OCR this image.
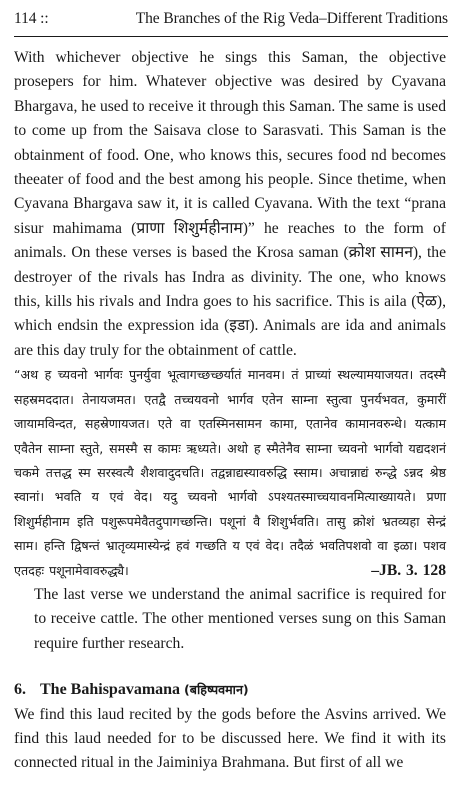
114 ::	The Branches of the Rig Veda–Different Traditions

With whichever objective he sings this Saman, the objective prosepers for him. Whatever objective was desired by Cyavana Bhargava, he used to receive it through this Saman. The same is used to come up from the Saisava close to Sarasvati. This Saman is the obtainment of food. One, who knows this, secures food nd becomes theeater of food and the best among his people. Since thetime, when Cyavana Bhargava saw it, it is called Cyavana. With the text “prana sisur mahimama (प्राणा शिशुर्महीनाम)” he reaches to the form of animals. On these verses is based the Krosa saman (क्रोश सामन), the destroyer of the rivals has Indra as divinity. The one, who knows this, kills his rivals and Indra goes to his sacrifice. This is aila (ऐळ), which endsin the expression ida (इडा). Animals are ida and animals are this day truly for the obtainment of cattle.

“अथ ह च्यवनो भार्गवः पुनर्युवा भूत्वागच्छच्छर्यातं मानवम। तं प्राच्यां स्थल्यामयाजयत। तदस्मै सहस्रमददात। तेनायजमत। एतद्वै तच्चयवनो भार्गव एतेन साम्ना स्तुत्वा पुनर्यभवत, कुमारीं जायामविन्दत, सहस्रेणायजत। एते वा एतस्मिनसामन कामा, एतानेव कामानवरुन्धे। यत्काम एवैतेन साम्ना स्तुते, समस्मै स कामः ऋध्यते। अथो ह स्मैतेनैव साम्ना च्यवनो भार्गवो यद्यदशनं चकमे तत्तद्ध स्म सरस्वत्यै शैशवादुदचति। तद्वन्नाद्यस्यावरुद्धि स्साम। अचान्नाद्यं रुन्द्धे ऽन्नद श्रेष्ठ स्वानां। भवति य एवं वेद। यदु च्यवनो भार्गवो ऽपश्यतस्माच्चयावनमित्याख्यायते। प्रणा शिशुर्महीनाम इति पशुरूपमेवैतदुपागच्छन्ति। पशूनां वै शिशुर्भवति। तासु क्रोशं भ्रतव्यहा सेन्द्रं साम। हन्ति द्विषन्तं भ्रातृव्यमास्येन्द्रं हवं गच्छति य एवं वेद। तदैळं भवतिपशवो वा इळा। पशव एतदहः पशूनामेवावरुद्ध्यै।	–JB. 3. 128

The last verse we understand the animal sacrifice is required for to receive cattle. The other mentioned verses sung on this Saman require further research.

6. The Bahispavamana (बहिष्पवमान)

We find this laud recited by the gods before the Asvins arrived. We find this laud needed for to be discussed here. We find it with its connected ritual in the Jaiminiya Brahmana. But first of all we
